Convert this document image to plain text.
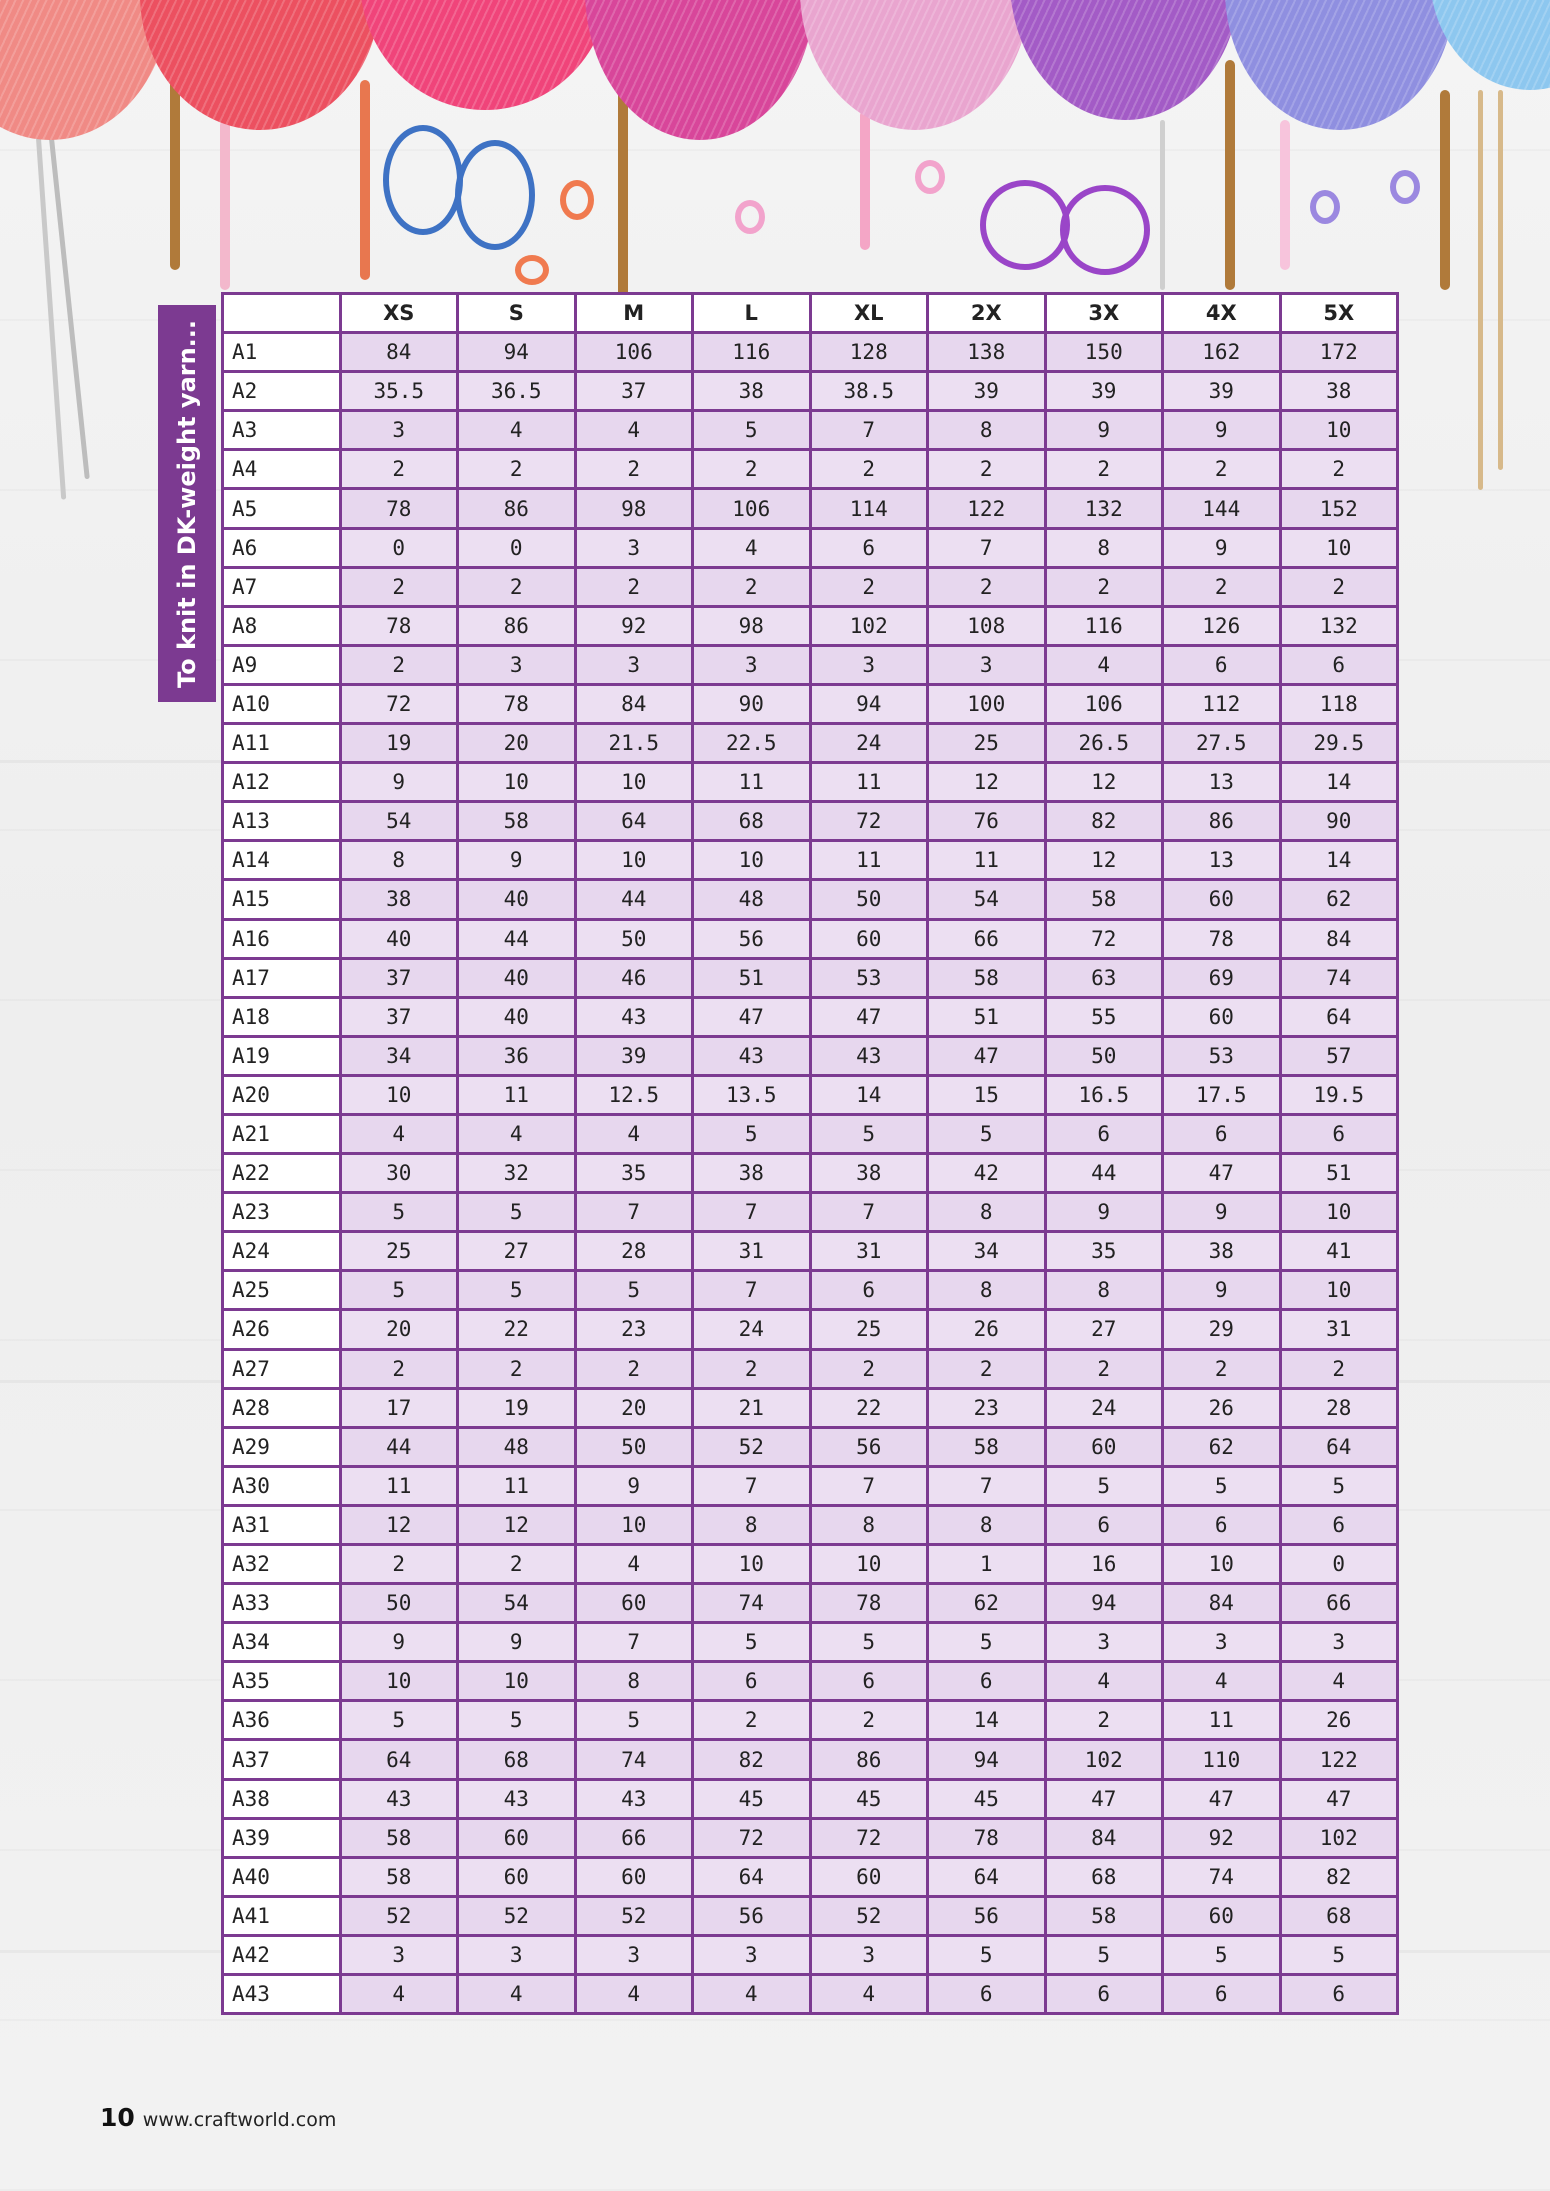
To knit in DK-weight yarn...
	XS	S	M	L	XL	2X	3X	4X	5X
A1	84	94	106	116	128	138	150	162	172
A2	35.5	36.5	37	38	38.5	39	39	39	38
A3	3	4	4	5	7	8	9	9	10
A4	2	2	2	2	2	2	2	2	2
A5	78	86	98	106	114	122	132	144	152
A6	0	0	3	4	6	7	8	9	10
A7	2	2	2	2	2	2	2	2	2
A8	78	86	92	98	102	108	116	126	132
A9	2	3	3	3	3	3	4	6	6
A10	72	78	84	90	94	100	106	112	118
A11	19	20	21.5	22.5	24	25	26.5	27.5	29.5
A12	9	10	10	11	11	12	12	13	14
A13	54	58	64	68	72	76	82	86	90
A14	8	9	10	10	11	11	12	13	14
A15	38	40	44	48	50	54	58	60	62
A16	40	44	50	56	60	66	72	78	84
A17	37	40	46	51	53	58	63	69	74
A18	37	40	43	47	47	51	55	60	64
A19	34	36	39	43	43	47	50	53	57
A20	10	11	12.5	13.5	14	15	16.5	17.5	19.5
A21	4	4	4	5	5	5	6	6	6
A22	30	32	35	38	38	42	44	47	51
A23	5	5	7	7	7	8	9	9	10
A24	25	27	28	31	31	34	35	38	41
A25	5	5	5	7	6	8	8	9	10
A26	20	22	23	24	25	26	27	29	31
A27	2	2	2	2	2	2	2	2	2
A28	17	19	20	21	22	23	24	26	28
A29	44	48	50	52	56	58	60	62	64
A30	11	11	9	7	7	7	5	5	5
A31	12	12	10	8	8	8	6	6	6
A32	2	2	4	10	10	1	16	10	0
A33	50	54	60	74	78	62	94	84	66
A34	9	9	7	5	5	5	3	3	3
A35	10	10	8	6	6	6	4	4	4
A36	5	5	5	2	2	14	2	11	26
A37	64	68	74	82	86	94	102	110	122
A38	43	43	43	45	45	45	47	47	47
A39	58	60	66	72	72	78	84	92	102
A40	58	60	60	64	60	64	68	74	82
A41	52	52	52	56	52	56	58	60	68
A42	3	3	3	3	3	5	5	5	5
A43	4	4	4	4	4	6	6	6	6
10 www.craftworld.com
